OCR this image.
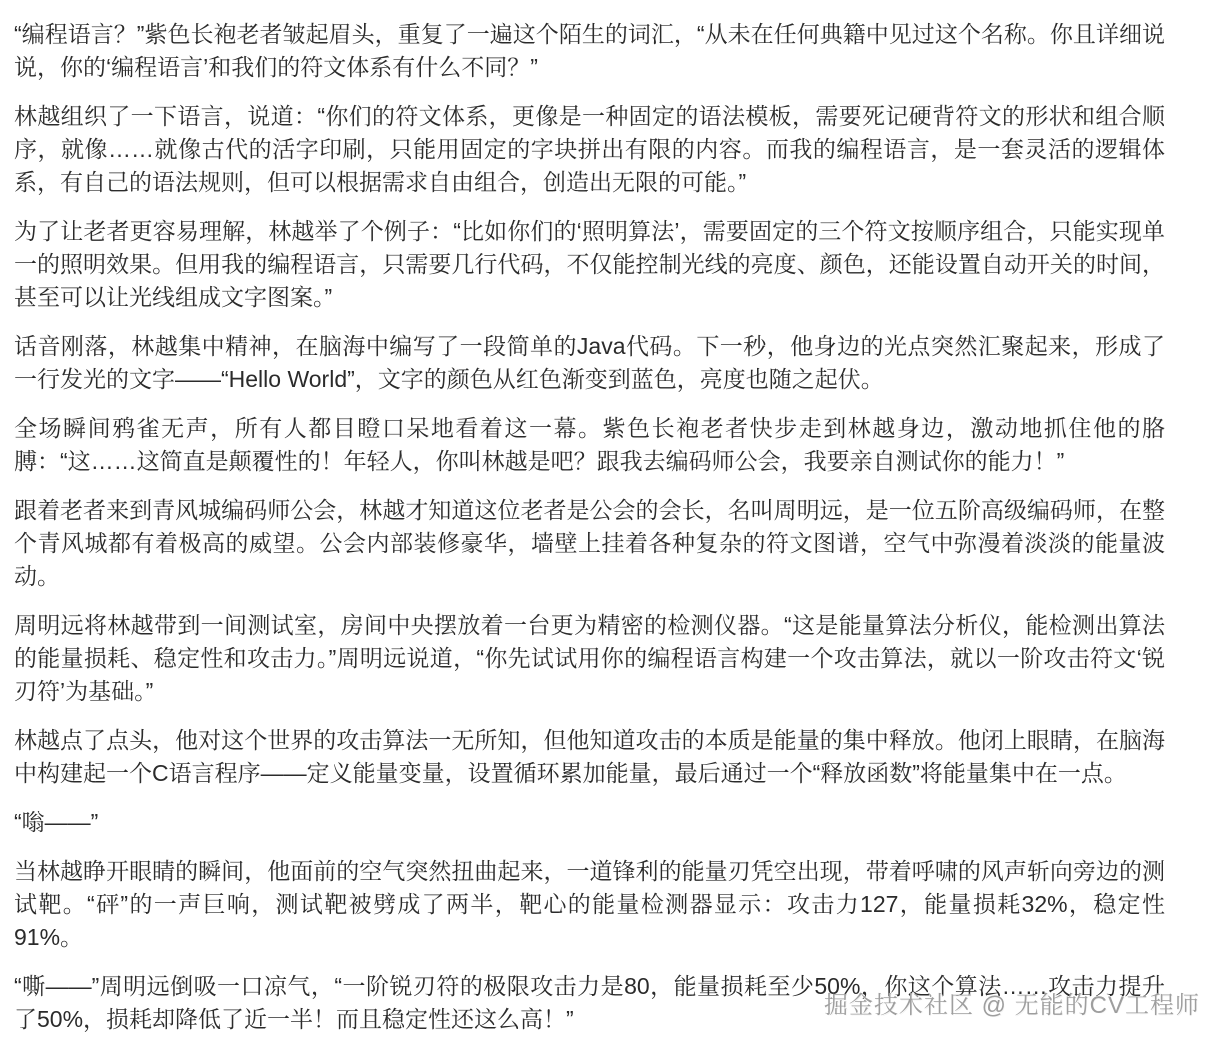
“编程语言？”紫色长袍老者皱起眉头，重复了一遍这个陌生的词汇，“从未在任何典籍中见过这个名称。你且详细说说，你的‘编程语言’和我们的符文体系有什么不同？”

林越组织了一下语言，说道：“你们的符文体系，更像是一种固定的语法模板，需要死记硬背符文的形状和组合顺序，就像……就像古代的活字印刷，只能用固定的字块拼出有限的内容。而我的编程语言，是一套灵活的逻辑体系，有自己的语法规则，但可以根据需求自由组合，创造出无限的可能。”

为了让老者更容易理解，林越举了个例子：“比如你们的‘照明算法’，需要固定的三个符文按顺序组合，只能实现单一的照明效果。但用我的编程语言，只需要几行代码，不仅能控制光线的亮度、颜色，还能设置自动开关的时间，甚至可以让光线组成文字图案。”

话音刚落，林越集中精神，在脑海中编写了一段简单的Java代码。下一秒，他身边的光点突然汇聚起来，形成了一行发光的文字——“Hello World”，文字的颜色从红色渐变到蓝色，亮度也随之起伏。

全场瞬间鸦雀无声，所有人都目瞪口呆地看着这一幕。紫色长袍老者快步走到林越身边，激动地抓住他的胳膊：“这……这简直是颠覆性的！年轻人，你叫林越是吧？跟我去编码师公会，我要亲自测试你的能力！”

跟着老者来到青风城编码师公会，林越才知道这位老者是公会的会长，名叫周明远，是一位五阶高级编码师，在整个青风城都有着极高的威望。公会内部装修豪华，墙壁上挂着各种复杂的符文图谱，空气中弥漫着淡淡的能量波动。

周明远将林越带到一间测试室，房间中央摆放着一台更为精密的检测仪器。“这是能量算法分析仪，能检测出算法的能量损耗、稳定性和攻击力。”周明远说道，“你先试试用你的编程语言构建一个攻击算法，就以一阶攻击符文‘锐刃符’为基础。”

林越点了点头，他对这个世界的攻击算法一无所知，但他知道攻击的本质是能量的集中释放。他闭上眼睛，在脑海中构建起一个C语言程序——定义能量变量，设置循环累加能量，最后通过一个“释放函数”将能量集中在一点。

“嗡——”

当林越睁开眼睛的瞬间，他面前的空气突然扭曲起来，一道锋利的能量刃凭空出现，带着呼啸的风声斩向旁边的测试靶。“砰”的一声巨响，测试靶被劈成了两半，靶心的能量检测器显示：攻击力127，能量损耗32%，稳定性91%。

“嘶——”周明远倒吸一口凉气，“一阶锐刃符的极限攻击力是80，能量损耗至少50%，你这个算法……攻击力提升了50%，损耗却降低了近一半！而且稳定性还这么高！”	掘金技术社区 @ 无能的CV工程师
